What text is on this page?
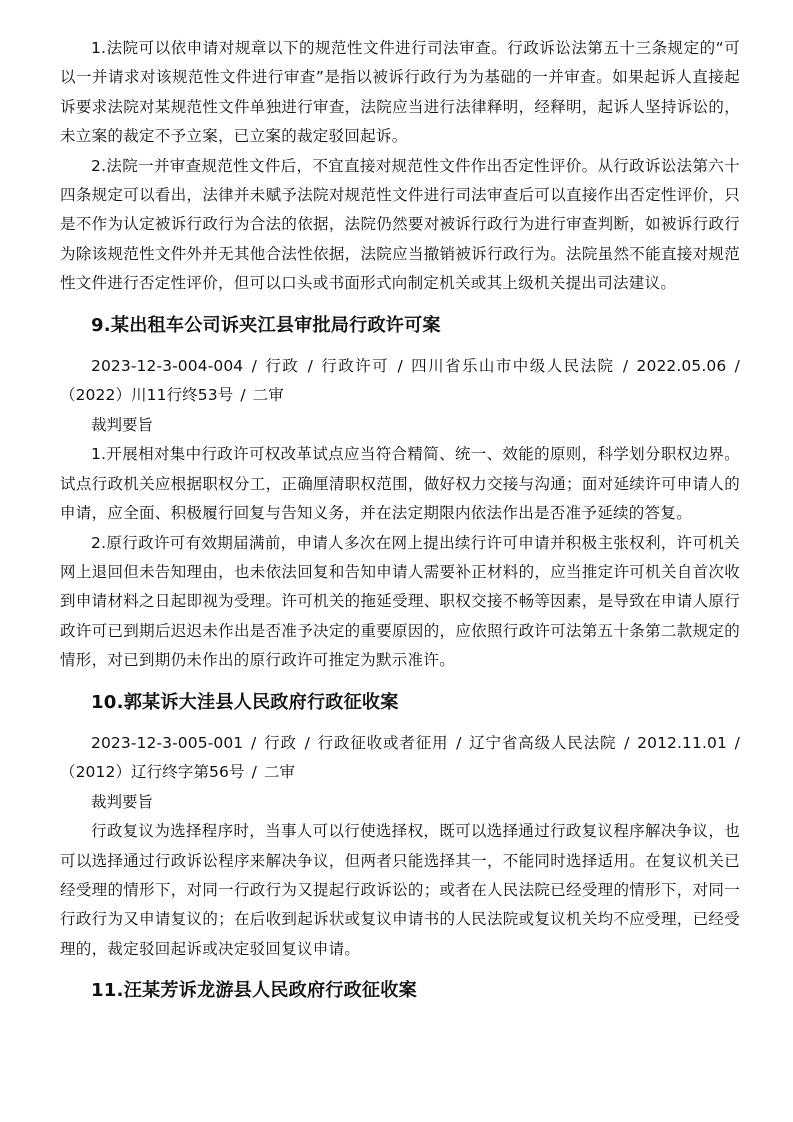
1.法院可以依申请对规章以下的规范性文件进行司法审查。行政诉讼法第五十三条规定的“可以一并请求对该规范性文件进行审查”是指以被诉行政行为为基础的一并审查。如果起诉人直接起诉要求法院对某规范性文件单独进行审查，法院应当进行法律释明，经释明，起诉人坚持诉讼的，未立案的裁定不予立案，已立案的裁定驳回起诉。

2.法院一并审查规范性文件后，不宜直接对规范性文件作出否定性评价。从行政诉讼法第六十四条规定可以看出，法律并未赋予法院对规范性文件进行司法审查后可以直接作出否定性评价，只是不作为认定被诉行政行为合法的依据，法院仍然要对被诉行政行为进行审查判断，如被诉行政行为除该规范性文件外并无其他合法性依据，法院应当撤销被诉行政行为。法院虽然不能直接对规范性文件进行否定性评价，但可以口头或书面形式向制定机关或其上级机关提出司法建议。

9.某出租车公司诉夹江县审批局行政许可案

2023-12-3-004-004 / 行政 / 行政许可 / 四川省乐山市中级人民法院 / 2022.05.06 / （2022）川11行终53号 / 二审

裁判要旨

1.开展相对集中行政许可权改革试点应当符合精简、统一、效能的原则，科学划分职权边界。试点行政机关应根据职权分工，正确厘清职权范围，做好权力交接与沟通；面对延续许可申请人的申请，应全面、积极履行回复与告知义务，并在法定期限内依法作出是否准予延续的答复。

2.原行政许可有效期届满前，申请人多次在网上提出续行许可申请并积极主张权利，许可机关网上退回但未告知理由，也未依法回复和告知申请人需要补正材料的，应当推定许可机关自首次收到申请材料之日起即视为受理。许可机关的拖延受理、职权交接不畅等因素，是导致在申请人原行政许可已到期后迟迟未作出是否准予决定的重要原因的，应依照行政许可法第五十条第二款规定的情形，对已到期仍未作出的原行政许可推定为默示准许。

10.郭某诉大洼县人民政府行政征收案

2023-12-3-005-001 / 行政 / 行政征收或者征用 / 辽宁省高级人民法院 / 2012.11.01 / （2012）辽行终字第56号 / 二审

裁判要旨

行政复议为选择程序时，当事人可以行使选择权，既可以选择通过行政复议程序解决争议，也可以选择通过行政诉讼程序来解决争议，但两者只能选择其一，不能同时选择适用。在复议机关已经受理的情形下，对同一行政行为又提起行政诉讼的；或者在人民法院已经受理的情形下，对同一行政行为又申请复议的；在后收到起诉状或复议申请书的人民法院或复议机关均不应受理，已经受理的，裁定驳回起诉或决定驳回复议申请。

11.汪某芳诉龙游县人民政府行政征收案
